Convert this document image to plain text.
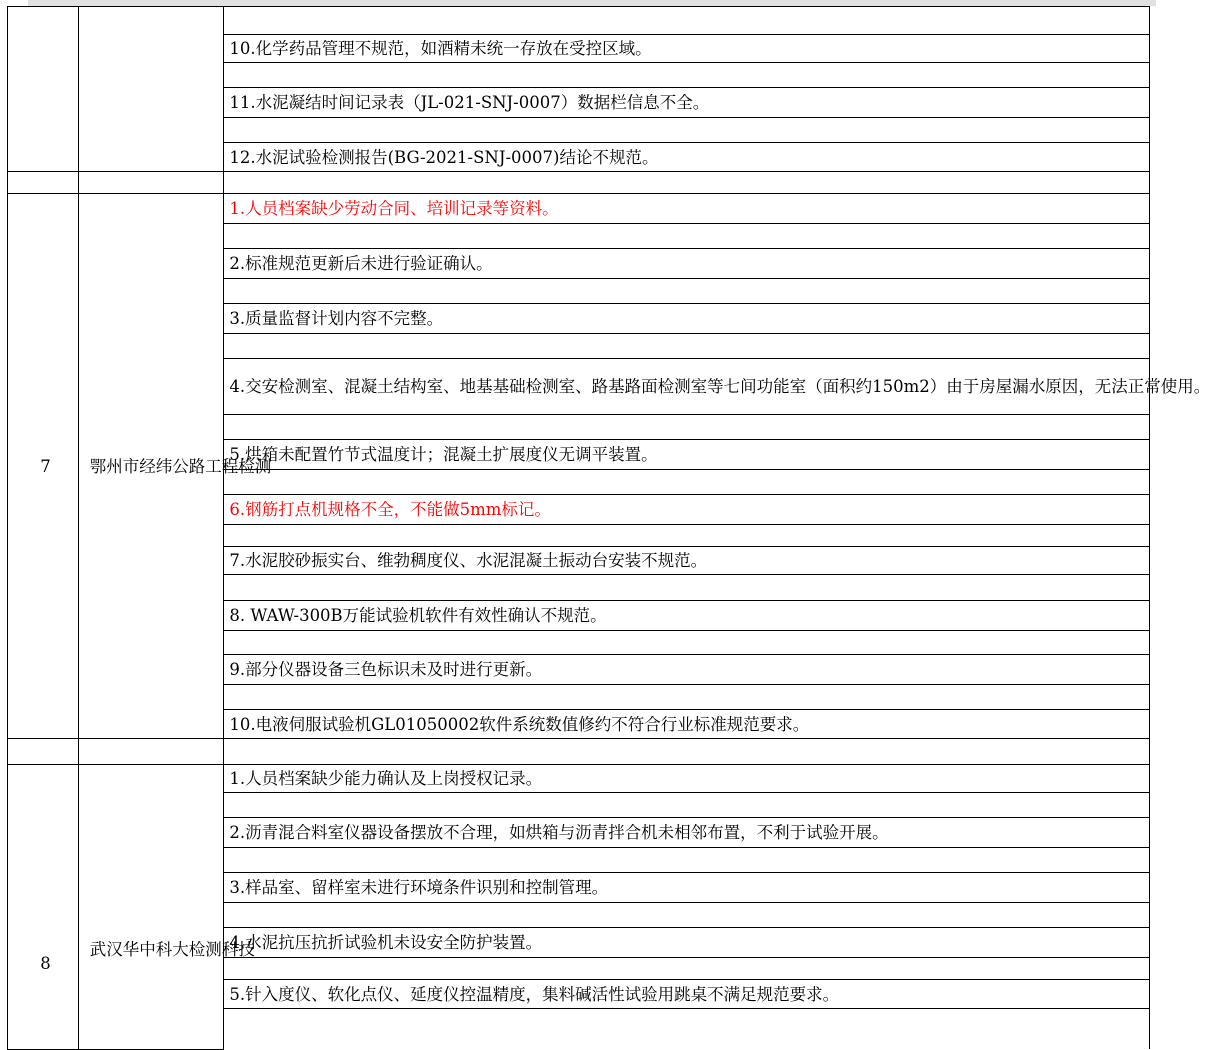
		10.化学药品管理不规范，如酒精未统一存放在受控区域。

		11.水泥凝结时间记录表（JL-021-SNJ-0007）数据栏信息不全。

		12.水泥试验检测报告(BG-2021-SNJ-0007)结论不规范。

7	鄂州市经纬公路工程检测	1.人员档案缺少劳动合同、培训记录等资料。

		2.标准规范更新后未进行验证确认。

		3.质量监督计划内容不完整。

		4.交安检测室、混凝土结构室、地基基础检测室、路基路面检测室等七间功能室（面积约150m2）由于房屋漏水原因，无法正常使用。

		5.烘箱未配置竹节式温度计；混凝土扩展度仪无调平装置。

		6.钢筋打点机规格不全，不能做5mm标记。

		7.水泥胶砂振实台、维勃稠度仪、水泥混凝土振动台安装不规范。

		8. WAW-300B万能试验机软件有效性确认不规范。

		9.部分仪器设备三色标识未及时进行更新。

		10.电液伺服试验机GL01050002软件系统数值修约不符合行业标准规范要求。

8	武汉华中科大检测科技	1.人员档案缺少能力确认及上岗授权记录。

		2.沥青混合料室仪器设备摆放不合理，如烘箱与沥青拌合机未相邻布置，不利于试验开展。

		3.样品室、留样室未进行环境条件识别和控制管理。

		4.水泥抗压抗折试验机未设安全防护装置。

		5.针入度仪、软化点仪、延度仪控温精度，集料碱活性试验用跳桌不满足规范要求。
